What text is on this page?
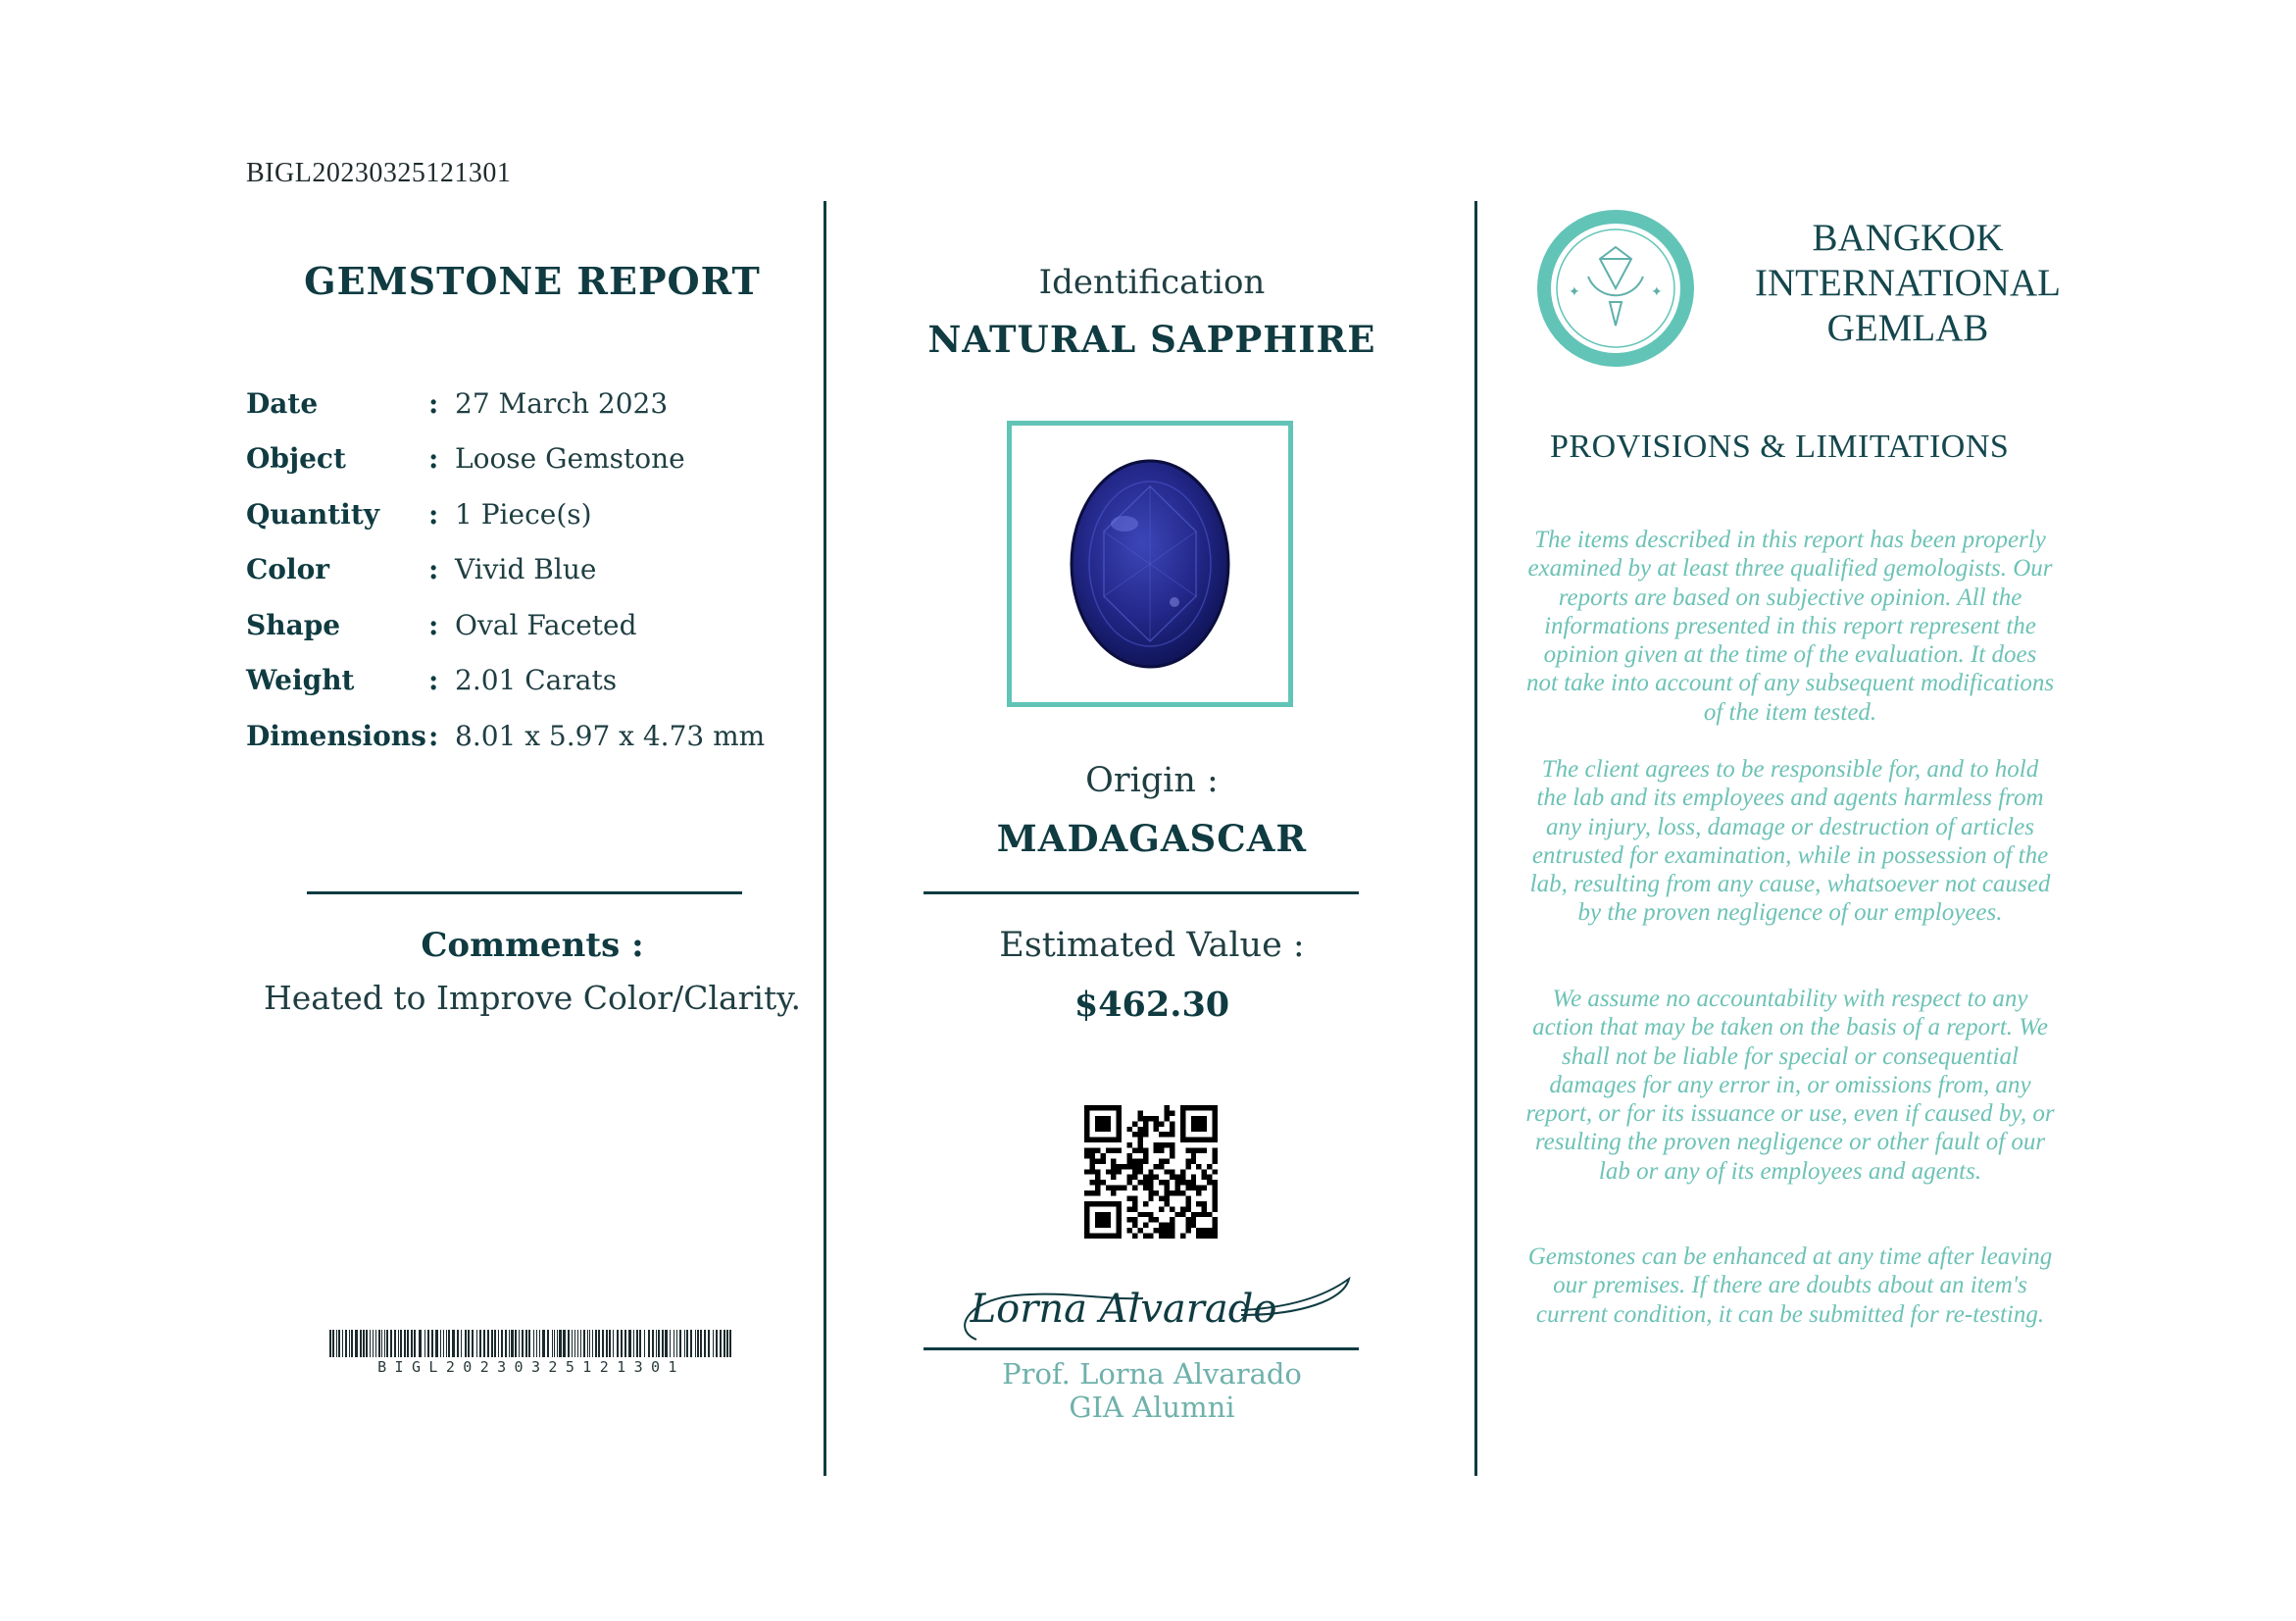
BIGL20230325121301
GEMSTONE REPORT
Date	: 27 March 2023
Object	: Loose Gemstone
Quantity	: 1 Piece(s)
Color	: Vivid Blue
Shape	: Oval Faceted
Weight	: 2.01 Carats
Dimensions : 8.01 x 5.97 x 4.73 mm
Comments :
Heated to Improve Color/Clarity.
BIGL20230325121301
Identification
NATURAL SAPPHIRE
Origin :
MADAGASCAR
Estimated Value :
$462.30
Lorna Alvarado
Prof. Lorna Alvarado
GIA Alumni
✦	✦
BANGKOK
INTERNATIONAL
GEMLAB
PROVISIONS & LIMITATIONS
The items described in this report has been properly examined by at least three qualified gemologists. Our reports are based on subjective opinion. All the informations presented in this report represent the opinion given at the time of the evaluation. It does not take into account of any subsequent modifications of the item tested.
The client agrees to be responsible for, and to hold the lab and its employees and agents harmless from any injury, loss, damage or destruction of articles entrusted for examination, while in possession of the lab, resulting from any cause, whatsoever not caused by the proven negligence of our employees.
We assume no accountability with respect to any action that may be taken on the basis of a report. We shall not be liable for special or consequential damages for any error in, or omissions from, any report, or for its issuance or use, even if caused by, or resulting the proven negligence or other fault of our lab or any of its employees and agents.
Gemstones can be enhanced at any time after leaving our premises. If there are doubts about an item's current condition, it can be submitted for re-testing.
